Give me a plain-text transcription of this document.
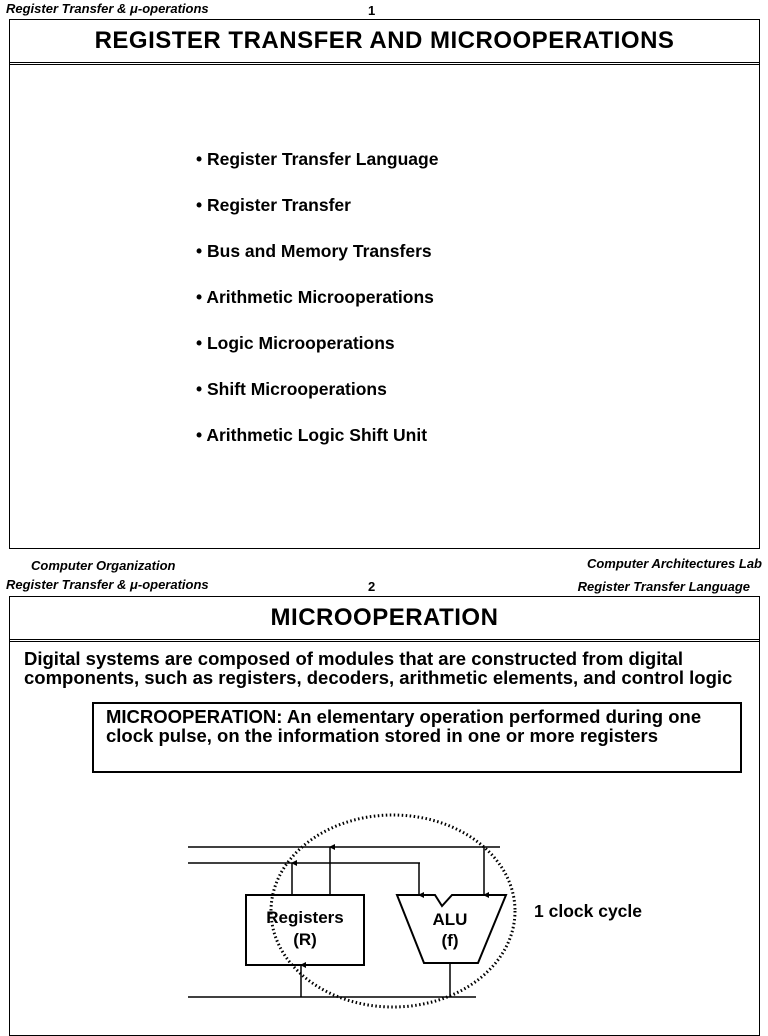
Register Transfer & μ-operations	1
REGISTER TRANSFER AND MICROOPERATIONS
• Register Transfer Language
• Register Transfer
• Bus and Memory Transfers
• Arithmetic Microoperations
• Logic Microoperations
• Shift Microoperations
• Arithmetic Logic Shift Unit
Computer Organization	Computer Architectures Lab
Register Transfer & μ-operations	2	Register Transfer Language
MICROOPERATION
Digital systems are composed of modules that are constructed from digital components, such as registers, decoders, arithmetic elements, and control logic
MICROOPERATION: An elementary operation performed during one clock pulse, on the information stored in one or more registers
Registers
(R)
ALU
(f)
1 clock cycle
